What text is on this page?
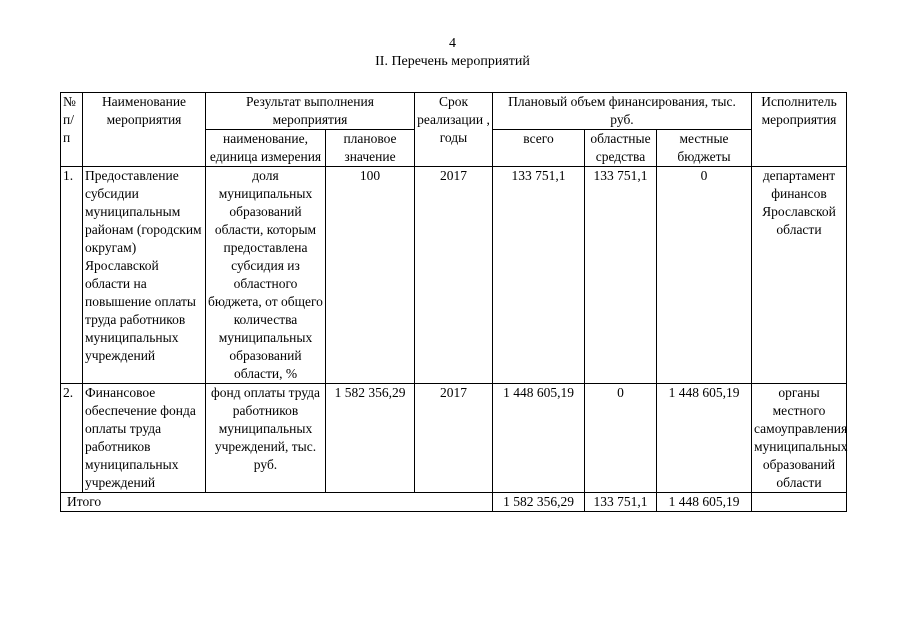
4
II. Перечень мероприятий
№ п/п	Наименование мероприятия	Результат выполнения мероприятия		Срок реализации , годы	Плановый объем финансирования, тыс. руб.			Исполнитель мероприятия
		наименование, единица измерения	плановое значение		всего	областные средства	местные бюджеты	
1.	Предоставление субсидии муниципальным районам (городским округам) Ярославской области на повышение оплаты труда работников муниципальных учреждений	доля муниципальных образований области, которым предоставлена субсидия из областного бюджета, от общего количества муниципальных образований области, %	100	2017	133 751,1	133 751,1	0	департамент финансов Ярославской области
2.	Финансовое обеспечение фонда оплаты труда работников муниципальных учреждений	фонд оплаты труда работников муниципальных учреждений, тыс. руб.	1 582 356,29	2017	1 448 605,19	0	1 448 605,19	органы местного самоуправления муниципальных образований области
Итого					1 582 356,29	133 751,1	1 448 605,19	
